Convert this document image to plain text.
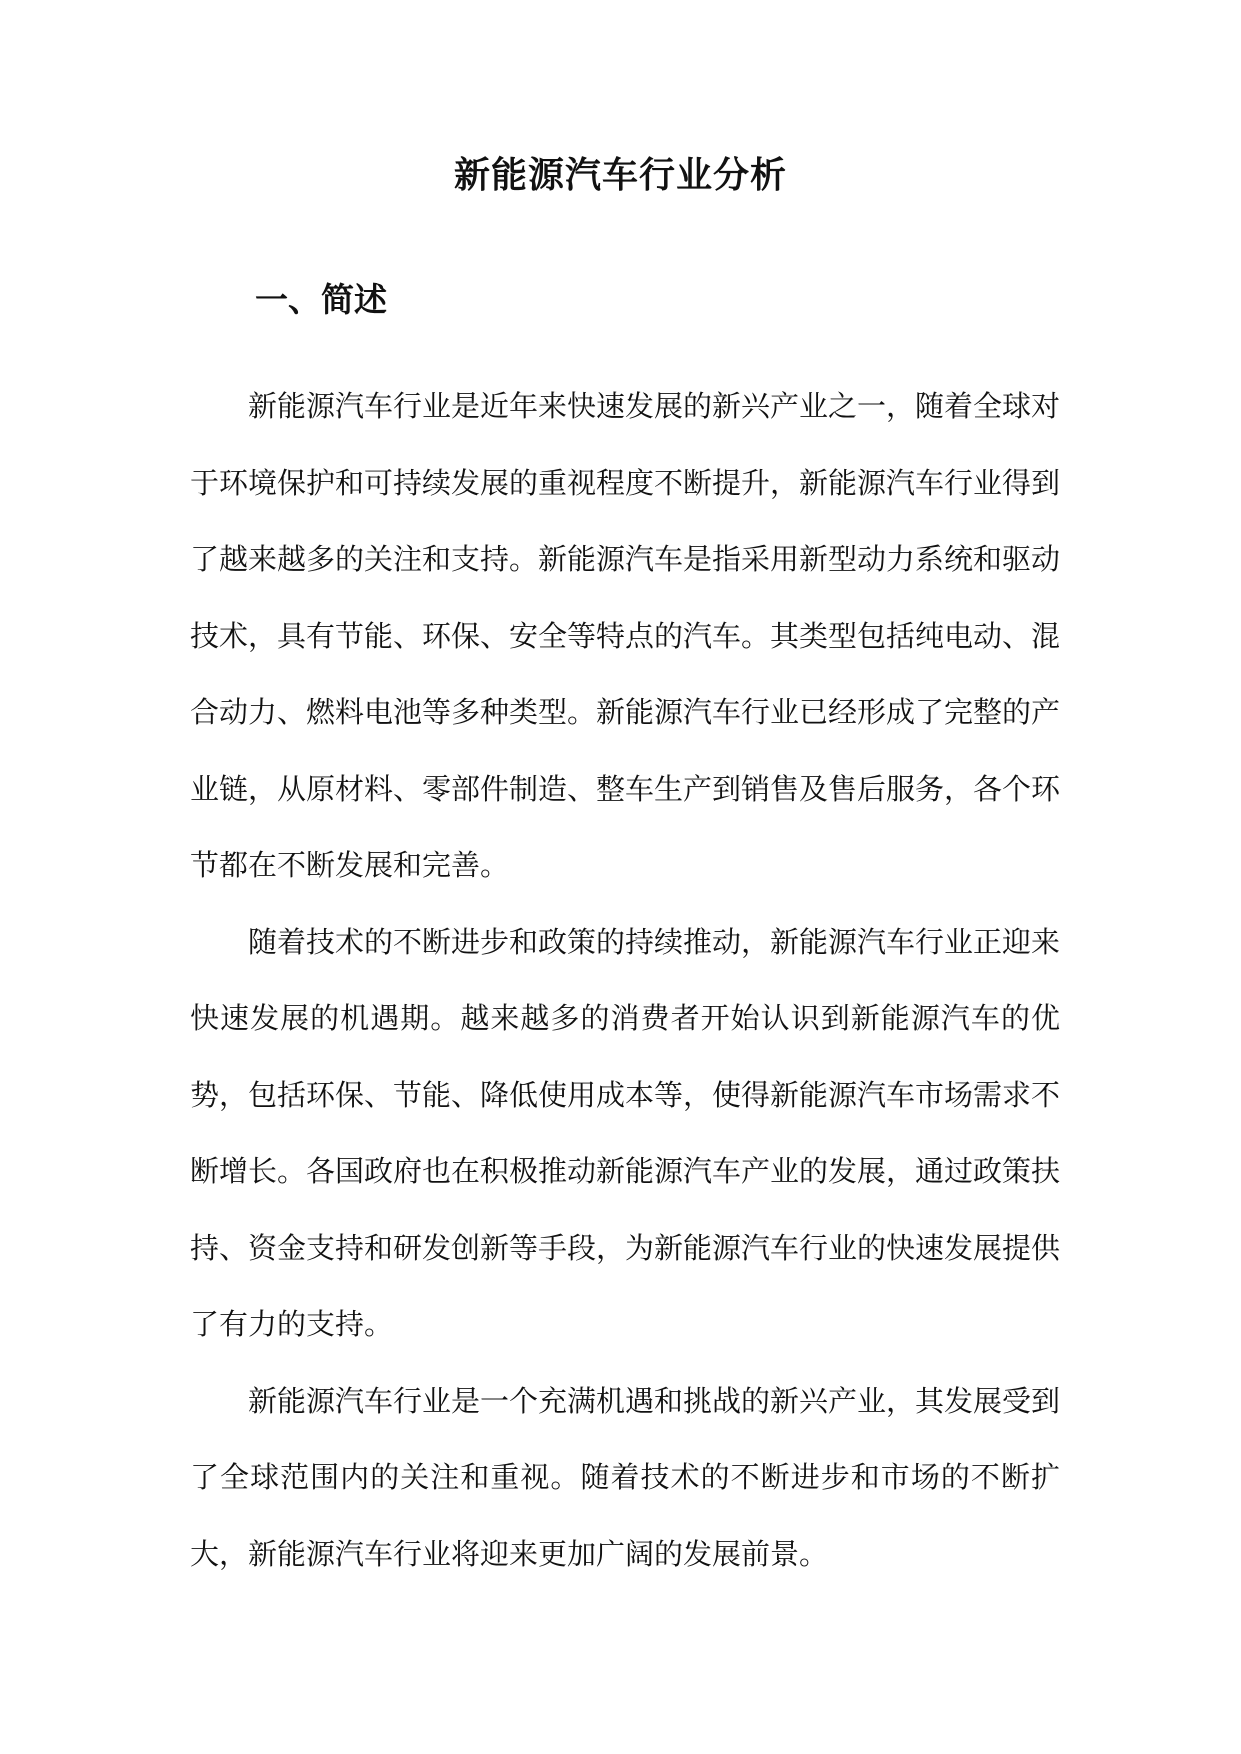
新能源汽车行业分析
一、简述

新能源汽车行业是近年来快速发展的新兴产业之一，随着全球对于环境保护和可持续发展的重视程度不断提升，新能源汽车行业得到了越来越多的关注和支持。新能源汽车是指采用新型动力系统和驱动技术，具有节能、环保、安全等特点的汽车。其类型包括纯电动、混合动力、燃料电池等多种类型。新能源汽车行业已经形成了完整的产业链，从原材料、零部件制造、整车生产到销售及售后服务，各个环节都在不断发展和完善。

随着技术的不断进步和政策的持续推动，新能源汽车行业正迎来快速发展的机遇期。越来越多的消费者开始认识到新能源汽车的优势，包括环保、节能、降低使用成本等，使得新能源汽车市场需求不断增长。各国政府也在积极推动新能源汽车产业的发展，通过政策扶持、资金支持和研发创新等手段，为新能源汽车行业的快速发展提供了有力的支持。

新能源汽车行业是一个充满机遇和挑战的新兴产业，其发展受到了全球范围内的关注和重视。随着技术的不断进步和市场的不断扩大，新能源汽车行业将迎来更加广阔的发展前景。
